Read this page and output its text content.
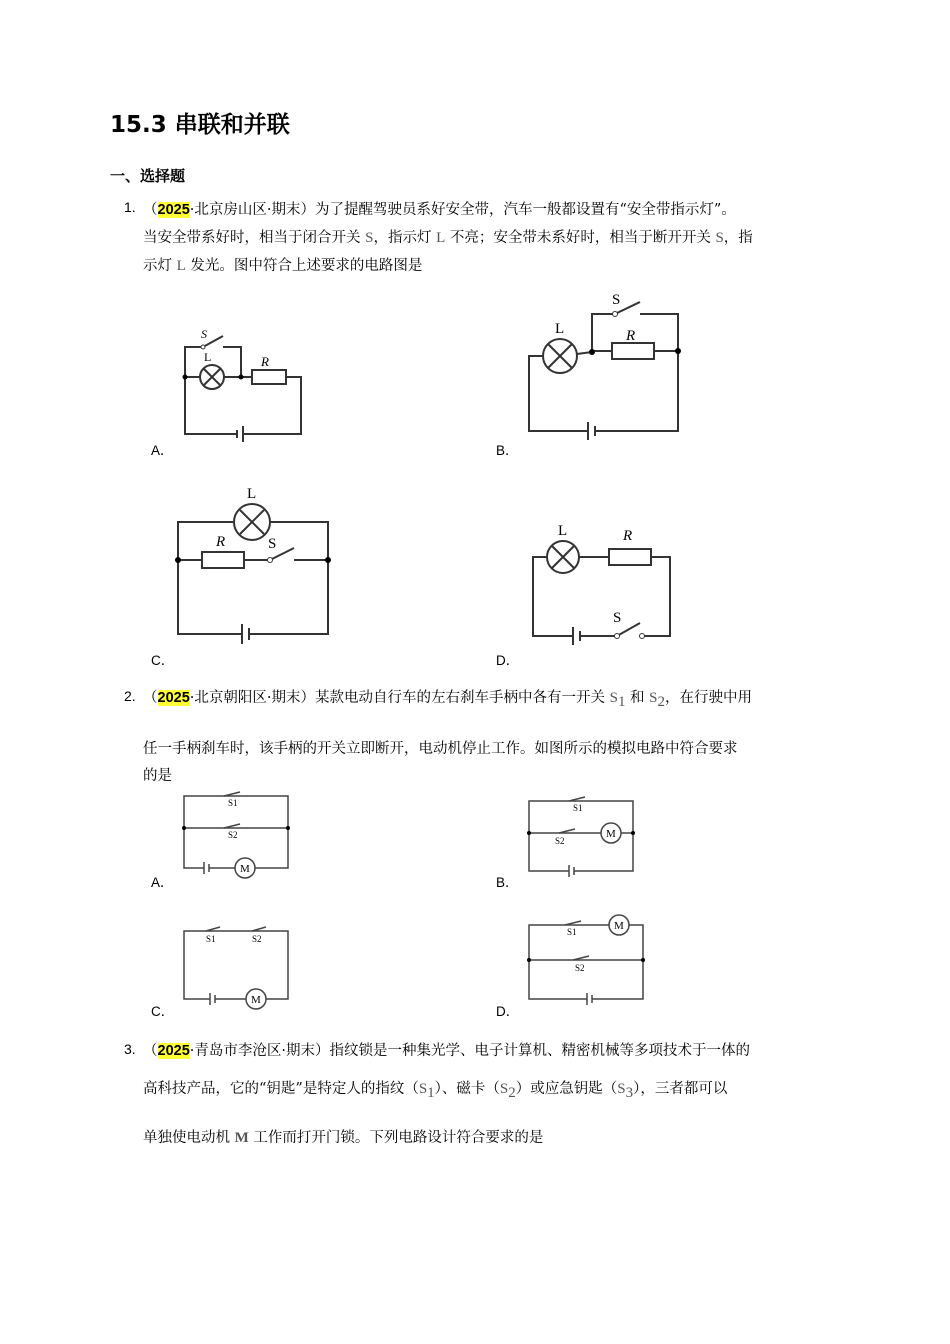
15.3 串联和并联
一、选择题
1. （2025·北京房山区·期末）为了提醒驾驶员系好安全带，汽车一般都设置有“安全带指示灯”。
当安全带系好时，相当于闭合开关 S，指示灯 L 不亮；安全带未系好时，相当于断开开关 S，指
示灯 L 发光。图中符合上述要求的电路图是
S
L	R
A．
S
L	R
B．
L
R	S
C．
L	R
S
D．
2. （2025·北京朝阳区·期末）某款电动自行车的左右刹车手柄中各有一开关 $S_1$ 和 $S_2$，在行驶中用
任一手柄刹车时，该手柄的开关立即断开，电动机停止工作。如图所示的模拟电路中符合要求
的是
S1
S2
M
A．
S1
S2
M
B．
S1	S2
M
C．
S1
S2
M
D．
3. （2025·青岛市李沧区·期末）指纹锁是一种集光学、电子计算机、精密机械等多项技术于一体的
高科技产品，它的“钥匙”是特定人的指纹$(S_1)$、磁卡$(S_2)$或应急钥匙$(S_3)$，三者都可以
单独使电动机 M 工作而打开门锁。下列电路设计符合要求的是
